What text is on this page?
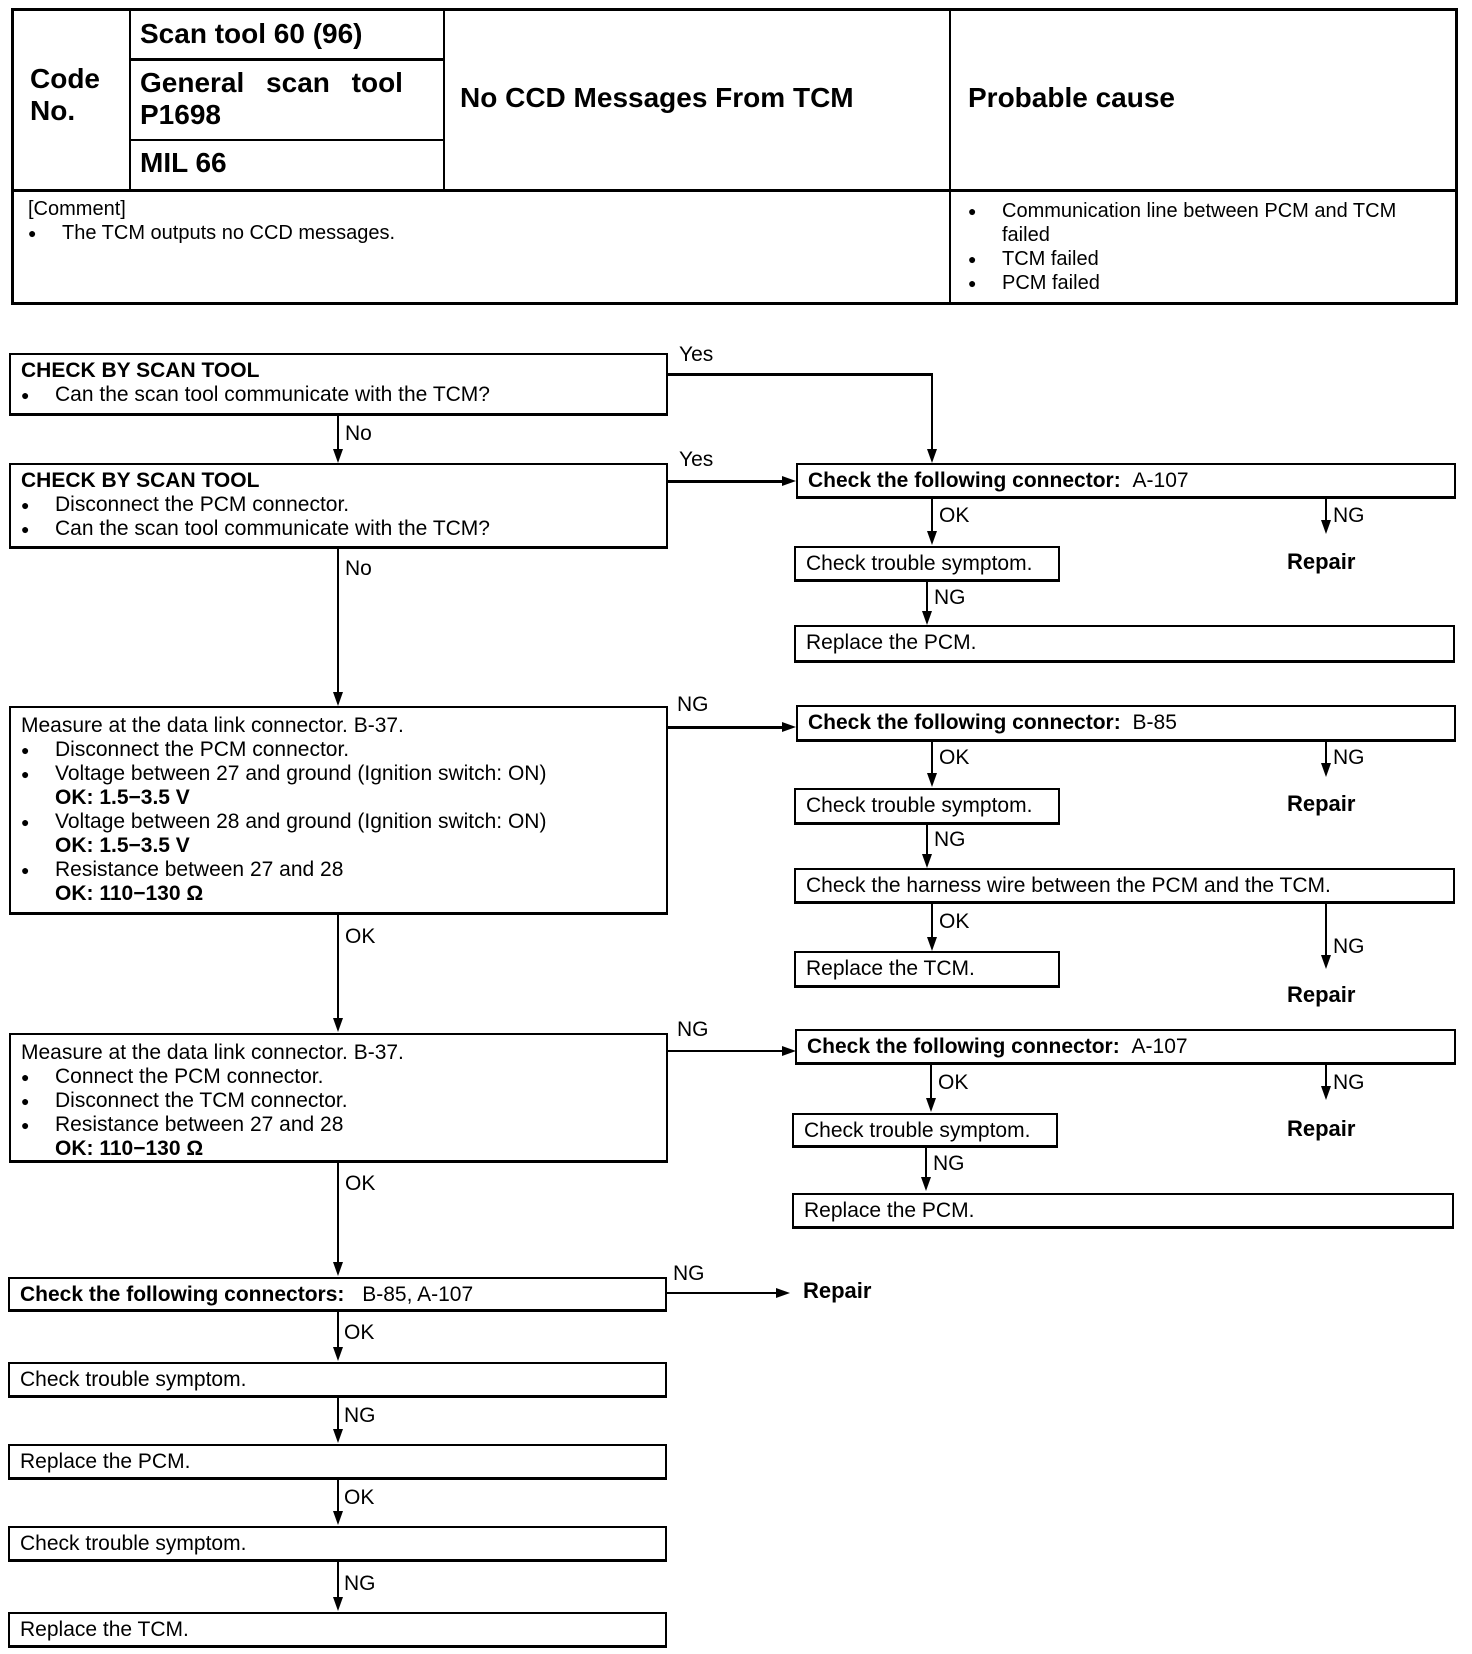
Code No.
Scan tool 60 (96)
General scan tool P1698
MIL 66
No CCD Messages From TCM	Probable cause
[Comment]
● The TCM outputs no CCD messages.
● Communication line between PCM and TCM failed
● TCM failed
● PCM failed
CHECK BY SCAN TOOL
● Can the scan tool communicate with the TCM?
Yes
No
CHECK BY SCAN TOOL
● Disconnect the PCM connector.
● Can the scan tool communicate with the TCM?
Yes
No
Measure at the data link connector. B-37.
● Disconnect the PCM connector.
● Voltage between 27 and ground (Ignition switch: ON)
OK: 1.5−3.5 V
● Voltage between 28 and ground (Ignition switch: ON)
OK: 1.5−3.5 V
● Resistance between 27 and 28
OK: 110−130 Ω
NG
OK
Measure at the data link connector. B-37.
● Connect the PCM connector.
● Disconnect the TCM connector.
● Resistance between 27 and 28
OK: 110−130 Ω
NG
OK
Check the following connectors: B-85, A-107
NG
Repair
OK
Check trouble symptom.
NG
Replace the PCM.
OK
Check trouble symptom.
NG
Replace the TCM.
Check the following connector: A-107
OK	NG
Repair
Check trouble symptom.
NG
Replace the PCM.
Check the following connector: B-85
OK	NG
Repair
Check trouble symptom.
NG
Check the harness wire between the PCM and the TCM.
OK
NG
Repair
Replace the TCM.
Check the following connector: A-107
OK	NG
Repair
Check trouble symptom.
NG
Replace the PCM.
